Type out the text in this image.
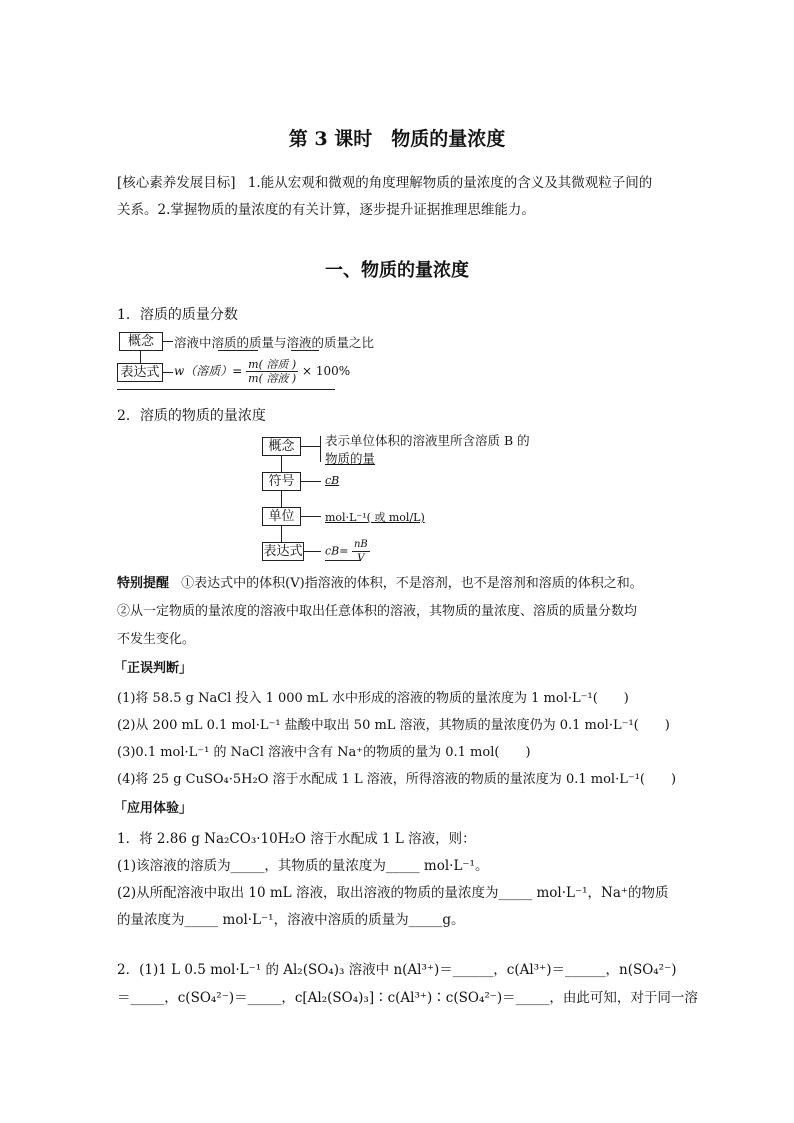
第 3 课时　物质的量浓度
[核心素养发展目标] 1.能从宏观和微观的角度理解物质的量浓度的含义及其微观粒子间的
关系。2.掌握物质的量浓度的有关计算，逐步提升证据推理思维能力。
一、物质的量浓度
1．溶质的质量分数
概念	溶液中溶质的质量与溶液的质量之比
表达式 w（溶质）= $\frac{\text{m( 溶质 )}}{\text{m( 溶液 )}} \times 100\%$
2．溶质的物质的量浓度
概念	表示单位体积的溶液里所含溶质 B 的
物质的量
符号	cB
单位	mol·L⁻¹( 或 mol/L)
表达式 $cB= \frac{nB}{V}$
特别提醒 ①表达式中的体积(V)指溶液的体积，不是溶剂，也不是溶剂和溶质的体积之和。
②从一定物质的量浓度的溶液中取出任意体积的溶液，其物质的量浓度、溶质的质量分数均
不发生变化。
「正误判断」
(1)将 58.5 g NaCl 投入 1 000 mL 水中形成的溶液的物质的量浓度为 1 mol·L⁻¹(　　)
(2)从 200 mL 0.1 mol·L⁻¹ 盐酸中取出 50 mL 溶液，其物质的量浓度仍为 0.1 mol·L⁻¹(　　)
(3)0.1 mol·L⁻¹ 的 NaCl 溶液中含有 Na⁺的物质的量为 0.1 mol(　　)
(4)将 25 g CuSO₄·5H₂O 溶于水配成 1 L 溶液，所得溶液的物质的量浓度为 0.1 mol·L⁻¹(　　)
「应用体验」
1．将 2.86 g Na₂CO₃·10H₂O 溶于水配成 1 L 溶液，则：
(1)该溶液的溶质为_____，其物质的量浓度为_____ mol·L⁻¹。
(2)从所配溶液中取出 10 mL 溶液，取出溶液的物质的量浓度为_____ mol·L⁻¹，Na⁺的物质
的量浓度为_____ mol·L⁻¹，溶液中溶质的质量为_____g。
2．(1)1 L 0.5 mol·L⁻¹ 的 Al₂(SO₄)₃ 溶液中 n(Al³⁺)＝______，c(Al³⁺)＝______，n(SO₄²⁻)
＝_____，c(SO₄²⁻)＝_____，c[Al₂(SO₄)₃]∶c(Al³⁺)∶c(SO₄²⁻)＝_____，由此可知，对于同一溶
